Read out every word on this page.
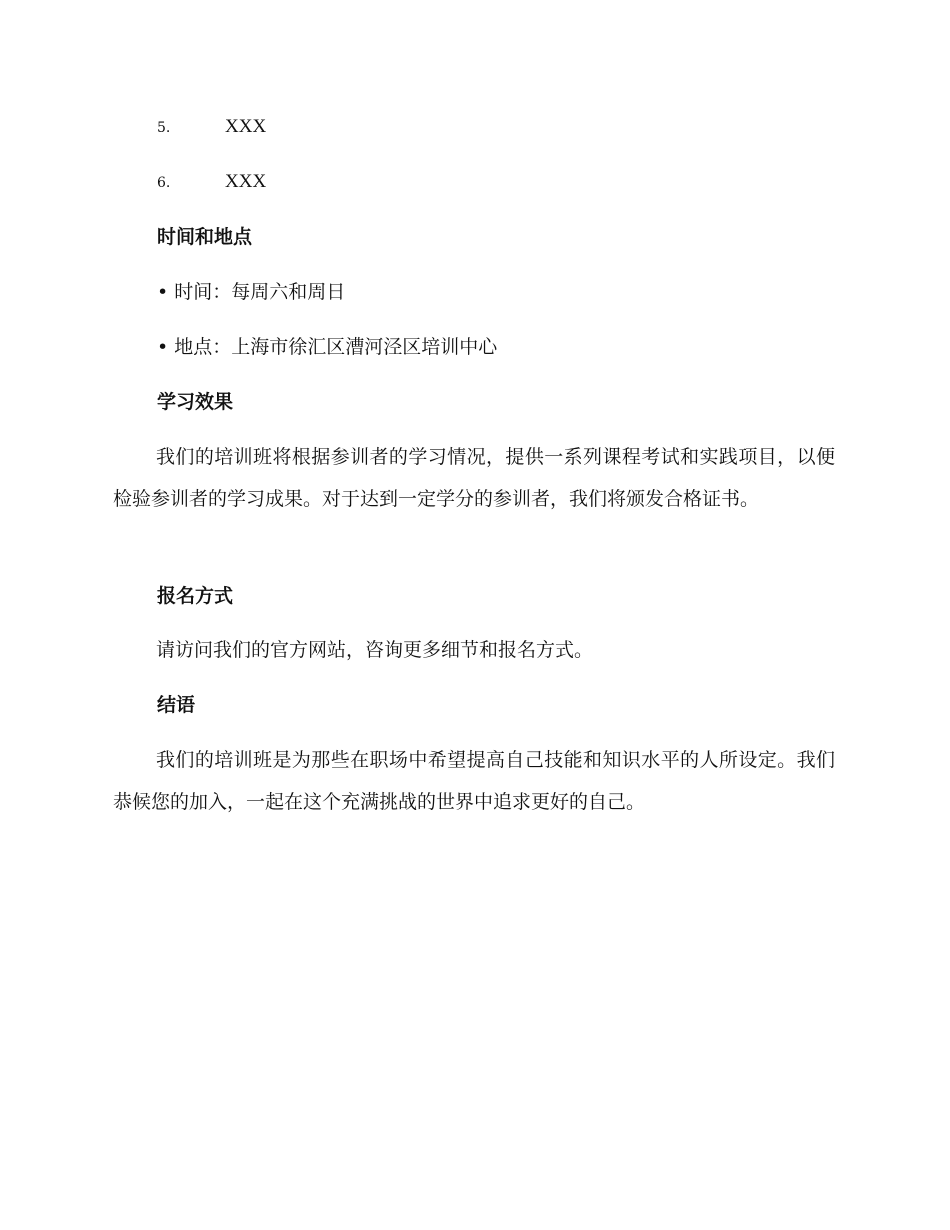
5.	XXX
6.	XXX
时间和地点
• 时间：每周六和周日
• 地点：上海市徐汇区漕河泾区培训中心
学习效果

我们的培训班将根据参训者的学习情况，提供一系列课程考试和实践项目，以便检验参训者的学习成果。对于达到一定学分的参训者，我们将颁发合格证书。

报名方式

请访问我们的官方网站，咨询更多细节和报名方式。

结语

我们的培训班是为那些在职场中希望提高自己技能和知识水平的人所设定。我们恭候您的加入，一起在这个充满挑战的世界中追求更好的自己。
